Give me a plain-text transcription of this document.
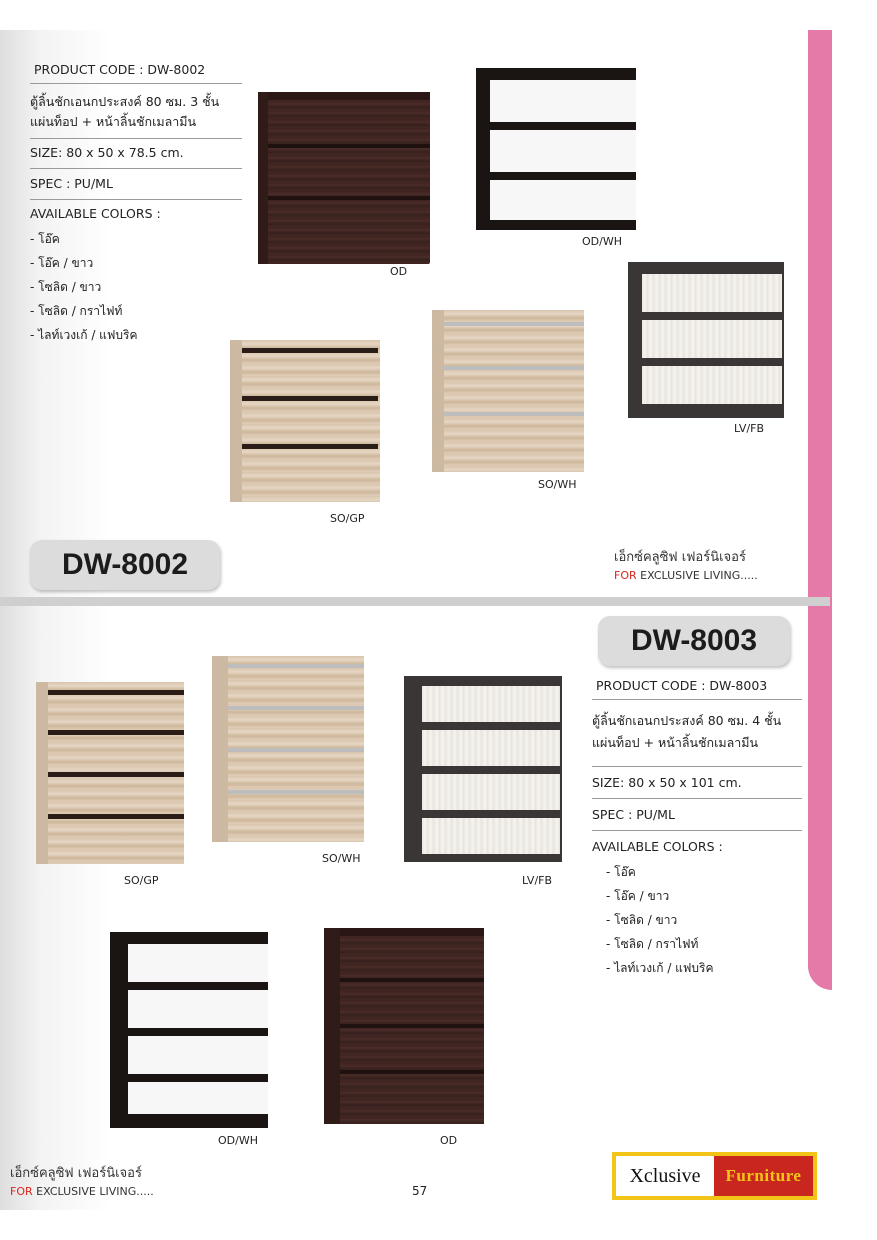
PRODUCT CODE : DW-8002
ตู้ลิ้นชักเอนกประสงค์ 80 ซม. 3 ชั้น
แผ่นท็อป + หน้าลิ้นชักเมลามีน
SIZE: 80 x 50 x 78.5 cm.
SPEC : PU/ML
AVAILABLE COLORS :
- โอ๊ค
- โอ๊ค / ขาว
- โซลิด / ขาว
- โซลิด / กราไฟท์
- ไลท์เวงเก้ / แฟบริค
OD
OD/WH
LV/FB
SO/GP
SO/WH
DW-8002	เอ็กซ์คลูซิฟ เฟอร์นิเจอร์
FOR EXCLUSIVE LIVING.....
DW-8003
PRODUCT CODE : DW-8003
ตู้ลิ้นชักเอนกประสงค์ 80 ซม. 4 ชั้น
แผ่นท็อป + หน้าลิ้นชักเมลามีน
SIZE: 80 x 50 x 101 cm.
SPEC : PU/ML
AVAILABLE COLORS :
- โอ๊ค
- โอ๊ค / ขาว
- โซลิด / ขาว
- โซลิด / กราไฟท์
- ไลท์เวงเก้ / แฟบริค
SO/GP
SO/WH
LV/FB
OD/WH	OD
เอ็กซ์คลูซิฟ เฟอร์นิเจอร์
FOR EXCLUSIVE LIVING.....	57
Xclusive	Furniture
